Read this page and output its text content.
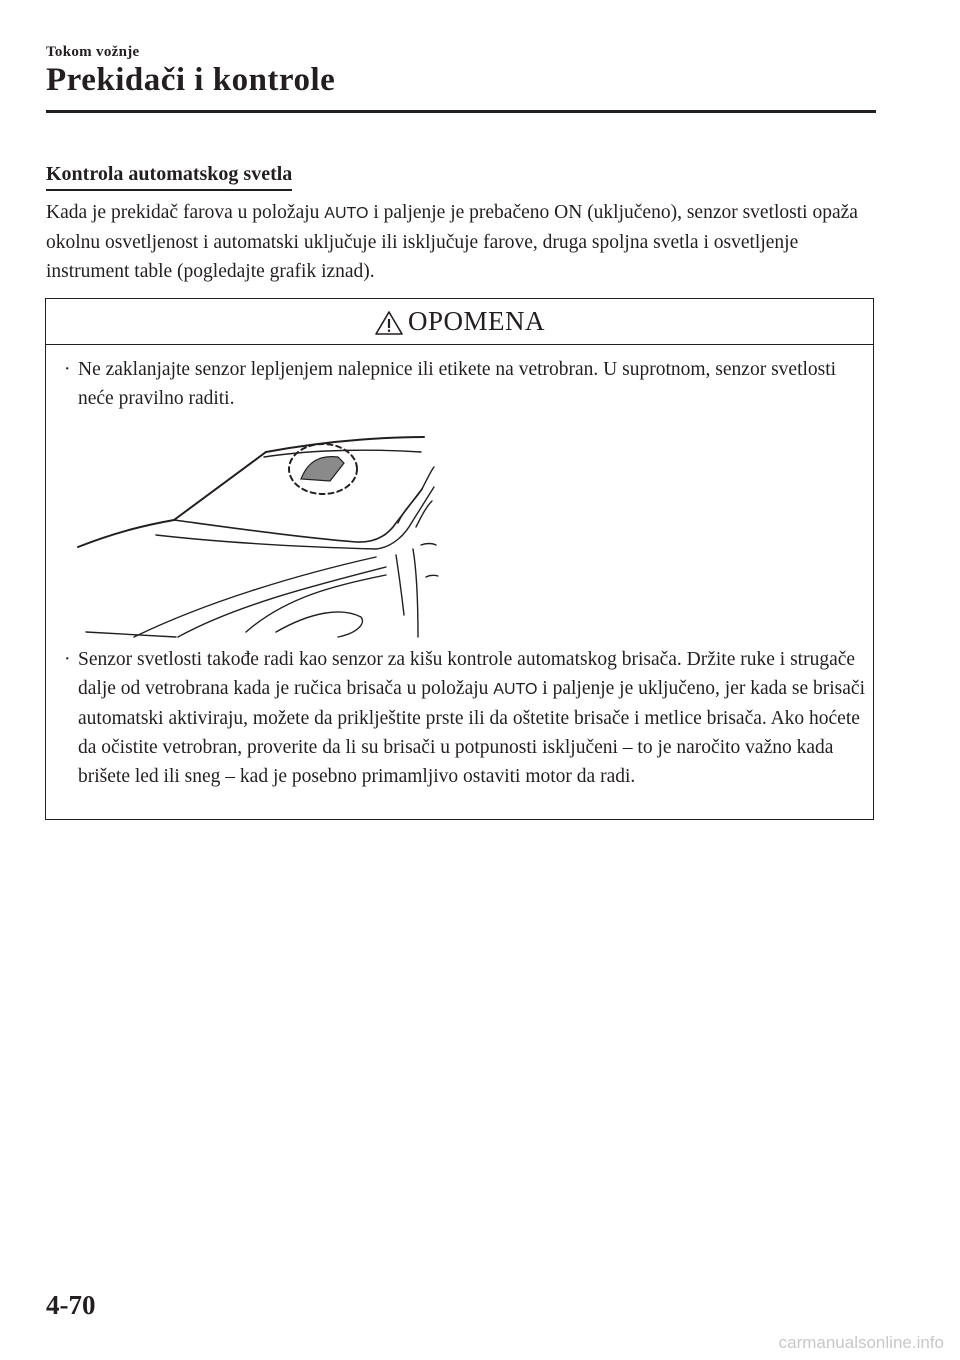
Tokom vožnje
Prekidači i kontrole
Kontrola automatskog svetla

Kada je prekidač farova u položaju AUTO i paljenje je prebačeno ON (uključeno), senzor svetlosti opaža okolnu osvetljenost i automatski uključuje ili isključuje farove, druga spoljna svetla i osvetljenje instrument table (pogledajte grafik iznad).

OPOMENA
· Ne zaklanjajte senzor lepljenjem nalepnice ili etikete na vetrobran. U suprotnom, senzor svetlosti neće pravilno raditi.
· Senzor svetlosti takođe radi kao senzor za kišu kontrole automatskog brisača. Držite ruke i strugače dalje od vetrobrana kada je ručica brisača u položaju AUTO i paljenje je uključeno, jer kada se brisači automatski aktiviraju, možete da priklještite prste ili da oštetite brisače i metlice brisača. Ako hoćete da očistite vetrobran, proverite da li su brisači u potpunosti isključeni – to je naročito važno kada brišete led ili sneg – kad je posebno primamljivo ostaviti motor da radi.
4-70
carmanualsonline.info
